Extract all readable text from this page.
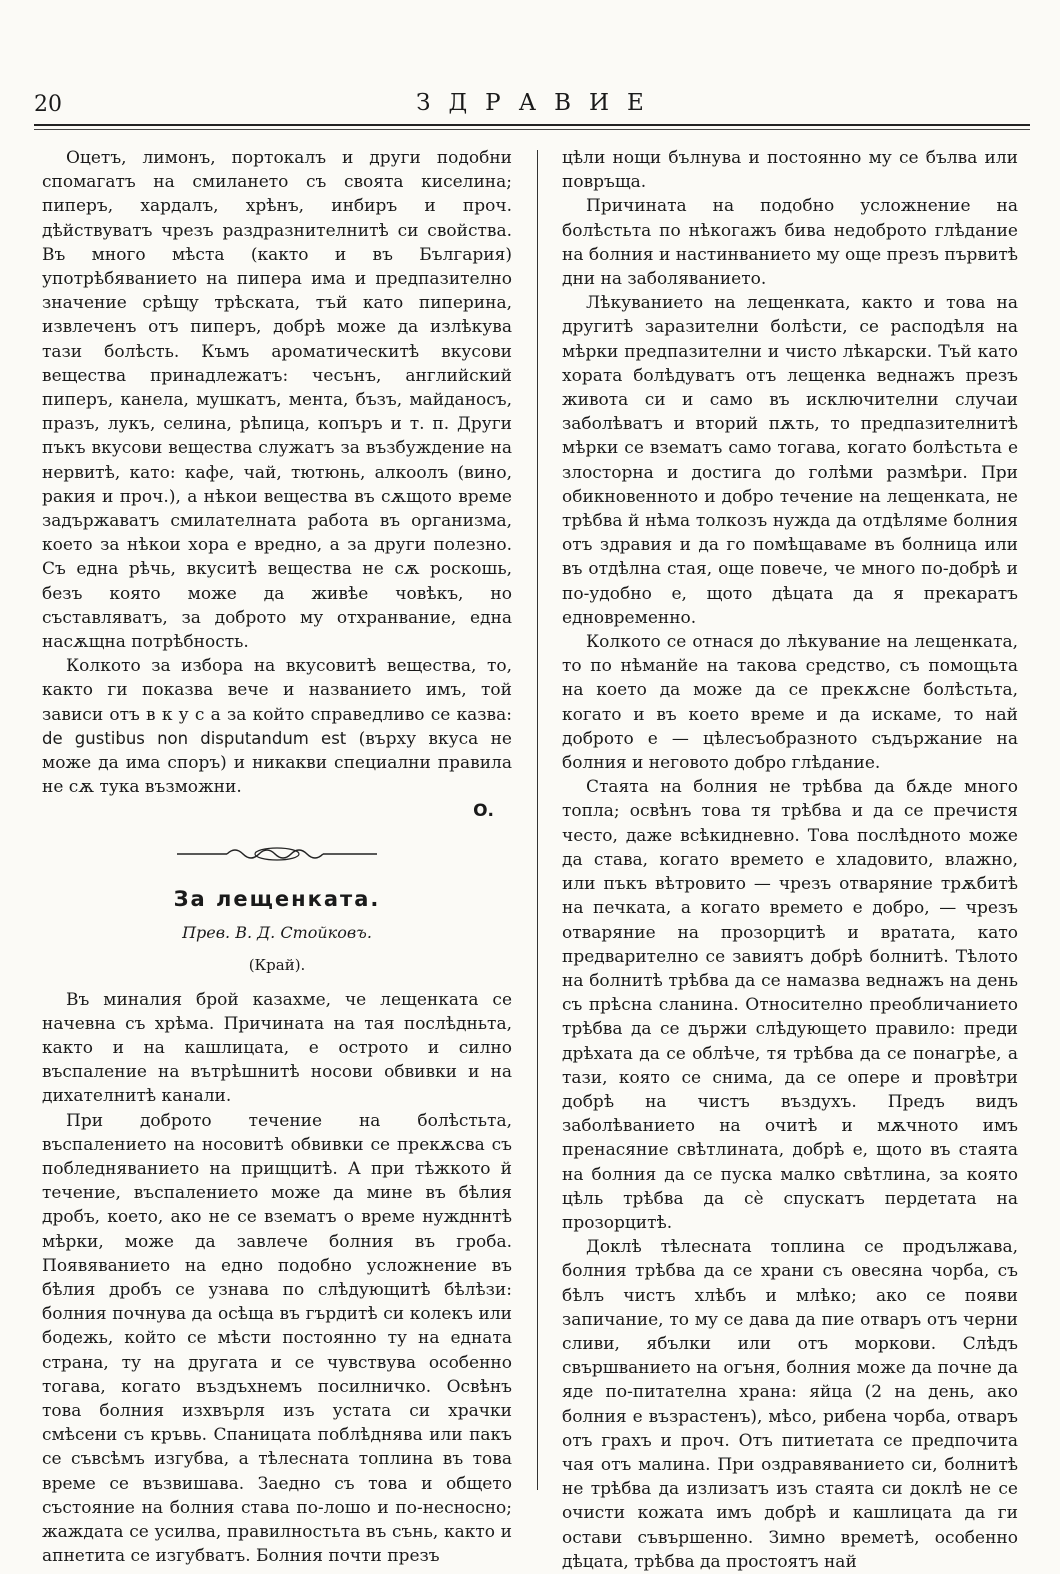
20	ЗДРАВИЕ

Оцетъ, лимонъ, портокалъ и други подобни спомагатъ на смилането съ своята киселина; пиперъ, хардалъ, хрѣнъ, инбиръ и проч. дѣйствуватъ чрезъ раздразнителнитѣ си свойства. Въ много мѣста (както и въ България) употрѣбяванието на пипера има и предпазително значение срѣщу трѣската, тъй като пиперина, извлеченъ отъ пиперъ, добрѣ може да излѣкува тази болѣсть. Къмъ ароматическитѣ вкусови вещества принадлежатъ: чесънъ, английский пиперъ, канела, мушкатъ, мента, бъзъ, майданосъ, празъ, лукъ, селина, рѣпица, копъръ и т. п. Други пъкъ вкусови вещества служатъ за възбуждение на нервитѣ, като: кафе, чай, тютюнь, алкоолъ (вино, ракия и проч.), а нѣкои вещества въ сѫщото време задържаватъ смилателната работа въ организма, което за нѣкои хора е вредно, а за други полезно. Съ една рѣчь, вкуситѣ вещества не сѫ роскошь, безъ която може да живѣе човѣкъ, но съставляватъ, за доброто му отхранвание, една насѫщна потрѣбность.

Колкото за избора на вкусовитѣ вещества, то, както ги показва вече и названието имъ, той зависи отъ в к у с а за който справедливо се казва: de gustibus non disputandum est (върху вкуса не може да има споръ) и никакви специални правила не сѫ тука възможни.

О.
За лещенката.
Прев. В. Д. Стойковъ.
(Край).

Въ миналия брой казахме, че лещенката се начевна съ хрѣма. Причината на тая послѣдньта, както и на кашлицата, е острото и силно въспаление на вътрѣшнитѣ носови обвивки и на дихателнитѣ канали.

При доброто течение на болѣстьта, въспалението на носовитѣ обвивки се прекѫсва съ побледняванието на прищцитѣ. А при тѣжкото й течение, въспалението може да мине въ бѣлия дробъ, което, ако не се взематъ о време нуждннтѣ мѣрки, може да завлече болния въ гроба. Появяванието на едно подобно усложнение въ бѣлия дробъ се узнава по слѣдующитѣ бѣлѣзи: болния почнува да осѣща въ гърдитѣ си колекъ или бодежь, който се мѣсти постоянно ту на едната страна, ту на другата и се чувствува особенно тогава, когато въздъхнемъ посилничко. Освѣнъ това болния изхвърля изъ устата си храчки смѣсени съ кръвь. Спаницата поблѣднява или пакъ се съвсѣмъ изгубва, а тѣлесната топлина въ това време се възвишава. Заедно съ това и общето състояние на болния става по-лошо и по-несносно; жаждата се усилва, правилностьта въ сънь, както и апнетита се изгубватъ. Болния почти презъ

цѣли нощи бълнува и постоянно му се бълва или повръща.

Причината на подобно усложнение на болѣстьта по нѣкогажъ бива недоброто глѣдание на болния и настинванието му още презъ първитѣ дни на заболяванието.

Лѣкуванието на лещенката, както и това на другитѣ заразителни болѣсти, се расподѣля на мѣрки предпазителни и чисто лѣкарски. Тъй като хората болѣдуватъ отъ лещенка веднажъ презъ живота си и само въ исключителни случаи заболѣватъ и вторий пѫть, то предпазителнитѣ мѣрки се взематъ само тогава, когато болѣстьта е злосторна и достига до голѣми размѣри. При обикновенното и добро течение на лещенката, не трѣбва й нѣма толкозъ нужда да отдѣляме болния отъ здравия и да го помѣщаваме въ болница или въ отдѣлна стая, още повече, че много по-добрѣ и по-удобно е, щото дѣцата да я прекаратъ едновременно.

Колкото се отнася до лѣкувание на лещенката, то по нѣманйе на такова средство, съ помощьта на което да може да се прекѫсне болѣстьта, когато и въ което време и да искаме, то най доброто е — цѣлесъобразното съдържание на болния и неговото добро глѣдание.

Стаята на болния не трѣбва да бѫде много топла; освѣнъ това тя трѣбва и да се пречистя често, даже всѣкидневно. Това послѣдното може да става, когато времето е хладовито, влажно, или пъкъ вѣтровито — чрезъ отваряние трѫбитѣ на печката, а когато времето е добро, — чрезъ отваряние на прозорцитѣ и вратата, като предварително се завиятъ добрѣ болнитѣ. Тѣлото на болнитѣ трѣбва да се намазва веднажъ на день съ прѣсна сланина. Относително преобличанието трѣбва да се държи слѣдующето правило: преди дрѣхата да се облѣче, тя трѣбва да се понагрѣе, а тази, която се снима, да се опере и провѣтри добрѣ на чистъ въздухъ. Предъ видъ заболѣванието на очитѣ и мѫчното имъ пренасяние свѣтлината, добрѣ е, щото въ стаята на болния да се пуска малко свѣтлина, за която цѣль трѣбва да сѐ спускатъ пердетата на прозорцитѣ.

Доклѣ тѣлесната топлина се продължава, болния трѣбва да се храни съ овесяна чорба, съ бѣлъ чистъ хлѣбъ и млѣко; ако се появи запичание, то му се дава да пие отваръ отъ черни сливи, ябълки или отъ моркови. Слѣдъ свършванието на огъня, болния може да почне да яде по-питателна храна: яйца (2 на день, ако болния е възрастенъ), мѣсо, рибена чорба, отваръ отъ грахъ и проч. Отъ питиетата се предпочита чая отъ малина. При оздравяванието си, болнитѣ не трѣбва да излизатъ изъ стаята си доклѣ не се очисти кожата имъ добрѣ и кашлицата да ги остави съвършенно. Зимно времетѣ, особенно дѣцата, трѣбва да простоятъ най
